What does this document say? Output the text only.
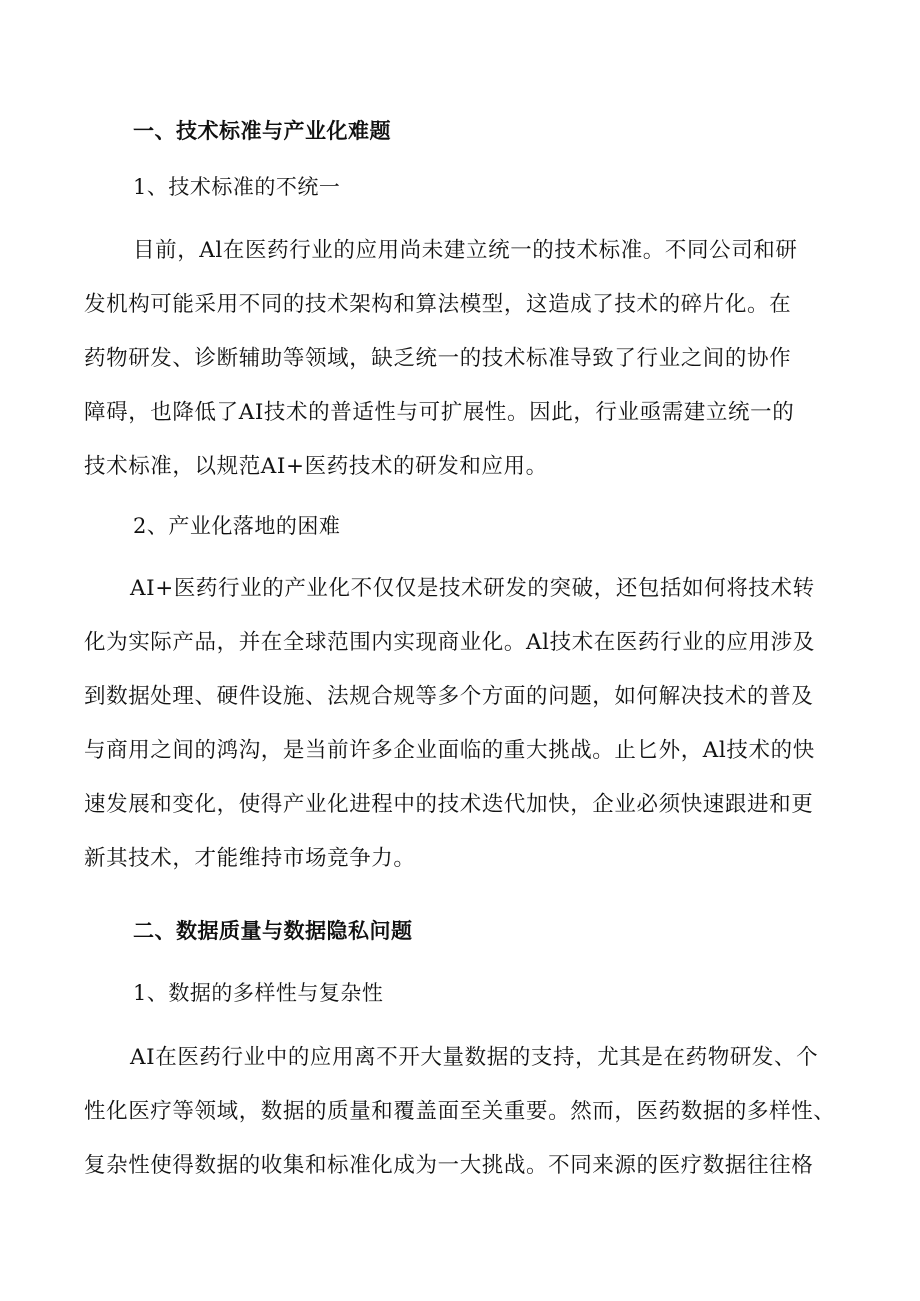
一、技术标准与产业化难题
1、技术标准的不统一
目前，Al在医药行业的应用尚未建立统一的技术标准。不同公司和研
发机构可能采用不同的技术架构和算法模型，这造成了技术的碎片化。在
药物研发、诊断辅助等领域，缺乏统一的技术标准导致了行业之间的协作
障碍，也降低了AI技术的普适性与可扩展性。因此，行业亟需建立统一的
技术标准，以规范AI+医药技术的研发和应用。
2、产业化落地的困难
AI+医药行业的产业化不仅仅是技术研发的突破，还包括如何将技术转
化为实际产品，并在全球范围内实现商业化。Al技术在医药行业的应用涉及
到数据处理、硬件设施、法规合规等多个方面的问题，如何解决技术的普及
与商用之间的鸿沟，是当前许多企业面临的重大挑战。止匕外，Al技术的快
速发展和变化，使得产业化进程中的技术迭代加快，企业必须快速跟进和更
新其技术，才能维持市场竞争力。
二、数据质量与数据隐私问题
1、数据的多样性与复杂性
AI在医药行业中的应用离不开大量数据的支持，尤其是在药物研发、个
性化医疗等领域，数据的质量和覆盖面至关重要。然而，医药数据的多样性、
复杂性使得数据的收集和标准化成为一大挑战。不同来源的医疗数据往往格
